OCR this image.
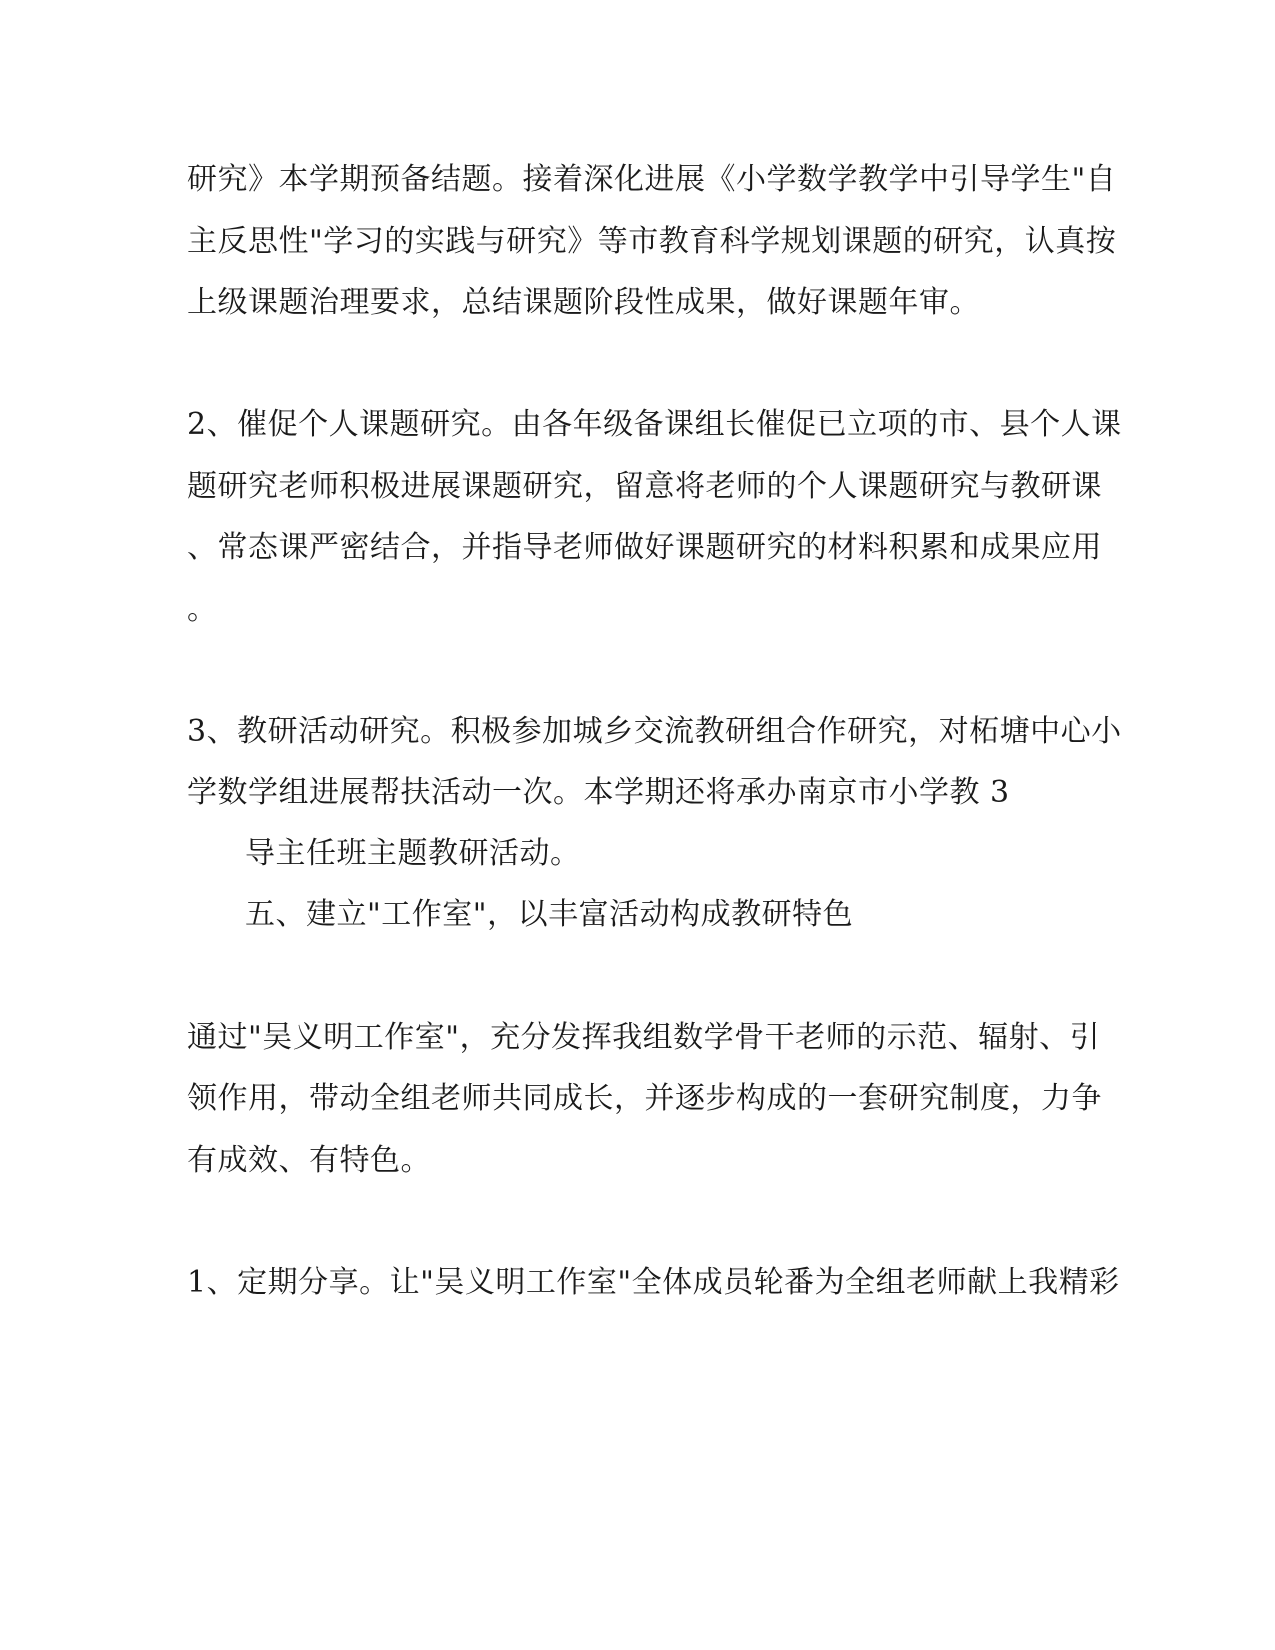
研究》本学期预备结题。接着深化进展《小学数学教学中引导学生"自
主反思性"学习的实践与研究》等市教育科学规划课题的研究，认真按
上级课题治理要求，总结课题阶段性成果，做好课题年审。
2、催促个人课题研究。由各年级备课组长催促已立项的市、县个人课
题研究老师积极进展课题研究，留意将老师的个人课题研究与教研课
、常态课严密结合，并指导老师做好课题研究的材料积累和成果应用
。
3、教研活动研究。积极参加城乡交流教研组合作研究，对柘塘中心小
学数学组进展帮扶活动一次。本学期还将承办南京市小学教 3
导主任班主题教研活动。
五、建立"工作室"，以丰富活动构成教研特色
通过"吴义明工作室"，充分发挥我组数学骨干老师的示范、辐射、引
领作用，带动全组老师共同成长，并逐步构成的一套研究制度，力争
有成效、有特色。
1、定期分享。让"吴义明工作室"全体成员轮番为全组老师献上我精彩
